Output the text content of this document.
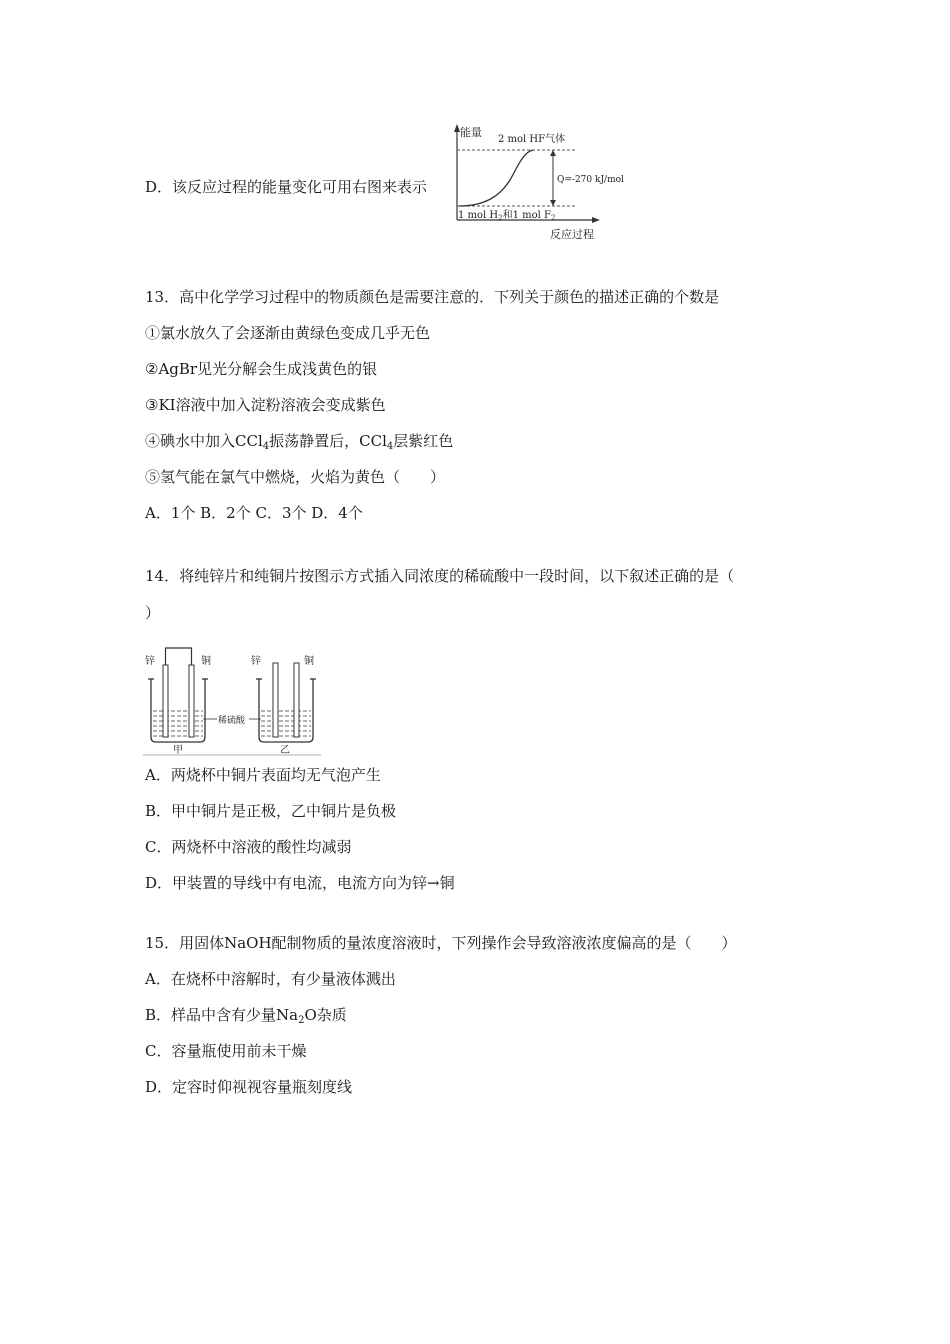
D．该反应过程的能量变化可用右图来表示
能量
2 mol HF气体
Q=-270 kJ/mol
1 mol $H_2$和1 mol $F_2$
反应过程
13．高中化学学习过程中的物质颜色是需要注意的．下列关于颜色的描述正确的个数是
①氯水放久了会逐渐由黄绿色变成几乎无色
②AgBr见光分解会生成浅黄色的银
③KI溶液中加入淀粉溶液会变成紫色
④碘水中加入CCl$_4$振荡静置后，CCl$_4$层紫红色
⑤氢气能在氯气中燃烧，火焰为黄色（　　）
A．1个 B．2个 C．3个 D．4个
14．将纯锌片和纯铜片按图示方式插入同浓度的稀硫酸中一段时间，以下叙述正确的是（
）
锌	铜	锌	铜
稀硫酸
甲	乙
A．两烧杯中铜片表面均无气泡产生
B．甲中铜片是正极，乙中铜片是负极
C．两烧杯中溶液的酸性均减弱
D．甲装置的导线中有电流，电流方向为锌→铜
15．用固体NaOH配制物质的量浓度溶液时，下列操作会导致溶液浓度偏高的是（　　）
A．在烧杯中溶解时，有少量液体溅出
B．样品中含有少量$Na_2O$杂质
C．容量瓶使用前未干燥
D．定容时仰视视容量瓶刻度线
